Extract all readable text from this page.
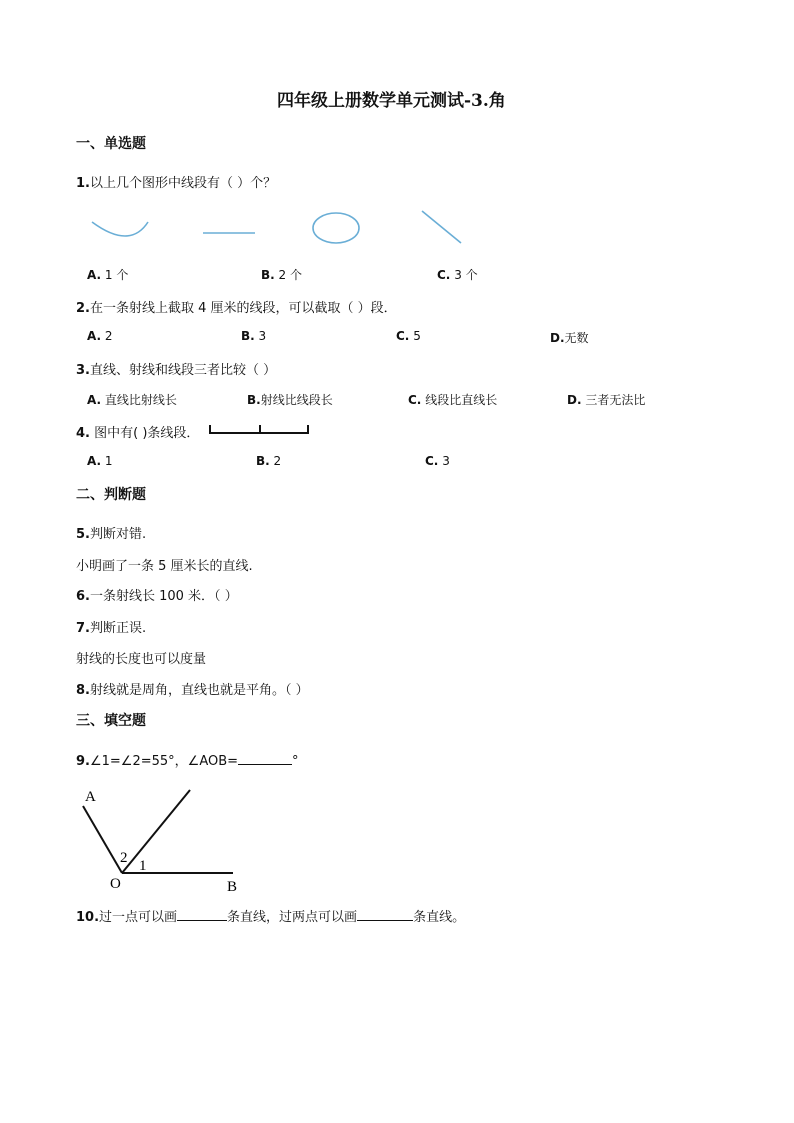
四年级上册数学单元测试-3.角
一、单选题
1.以上几个图形中线段有（ ）个？
A. 1 个	B. 2 个	C. 3 个
2.在一条射线上截取 4 厘米的线段，可以截取（ ）段．
A. 2	B. 3	C. 5	D.无数
3.直线、射线和线段三者比较（ ）
A. 直线比射线长	B.射线比线段长	C. 线段比直线长	D. 三者无法比
4. 图中有( )条线段．
A. 1	B. 2	C. 3
二、判断题
5.判断对错.
小明画了一条 5 厘米长的直线.
6.一条射线长 100 米．（ ）
7.判断正误.
射线的长度也可以度量
8.射线就是周角，直线也就是平角。（ ）
三、填空题
9.∠1=∠2=55°，∠AOB=	°
A
O	B
2 1
10.过一点可以画	条直线，过两点可以画	条直线。
